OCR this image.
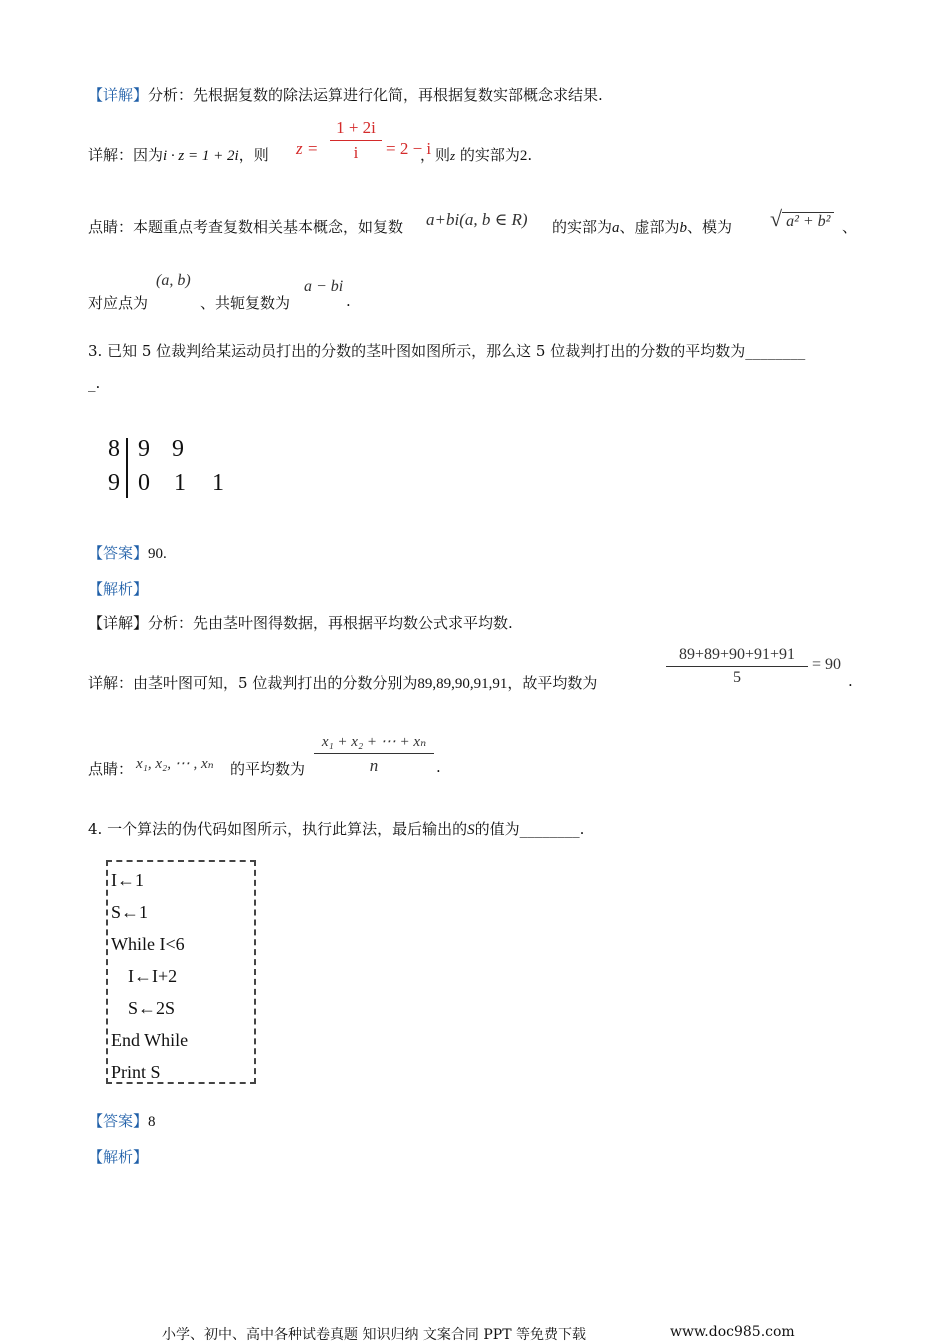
【详解】分析：先根据复数的除法运算进行化简，再根据复数实部概念求结果.
详解：因为i · z = 1 + 2i，则 z =
1 + 2i
i	= 2 − i
，则z 的实部为2.
点睛：本题重点考查复数相关基本概念，如复数 a+bi(a, b ∈ R) 的实部为a、虚部为b、模为 √ a² + b² 、
对应点为
(a, b)
、共轭复数为
a − bi
.
3. 已知 5 位裁判给某运动员打出的分数的茎叶图如图所示，那么这 5 位裁判打出的分数的平均数为________
_.
8 9 9
9 0 1 1
【答案】90.
【解析】
【详解】分析：先由茎叶图得数据，再根据平均数公式求平均数.
详解：由茎叶图可知，5 位裁判打出的分数分别为89,89,90,91,91，故平均数为
89+89+90+91+91
5
= 90
.
点睛： x₁, x₂, ⋯ , xₙ 的平均数为
x₁ + x₂ + ⋯ + xₙ
n	.
4. 一个算法的伪代码如图所示，执行此算法，最后输出的S的值为________.
I←1
S←1
While I<6
I←I+2
S←2S
End While
Print S
【答案】8
【解析】
小学、初中、高中各种试卷真题 知识归纳 文案合同 PPT 等免费下载	www.doc985.com
